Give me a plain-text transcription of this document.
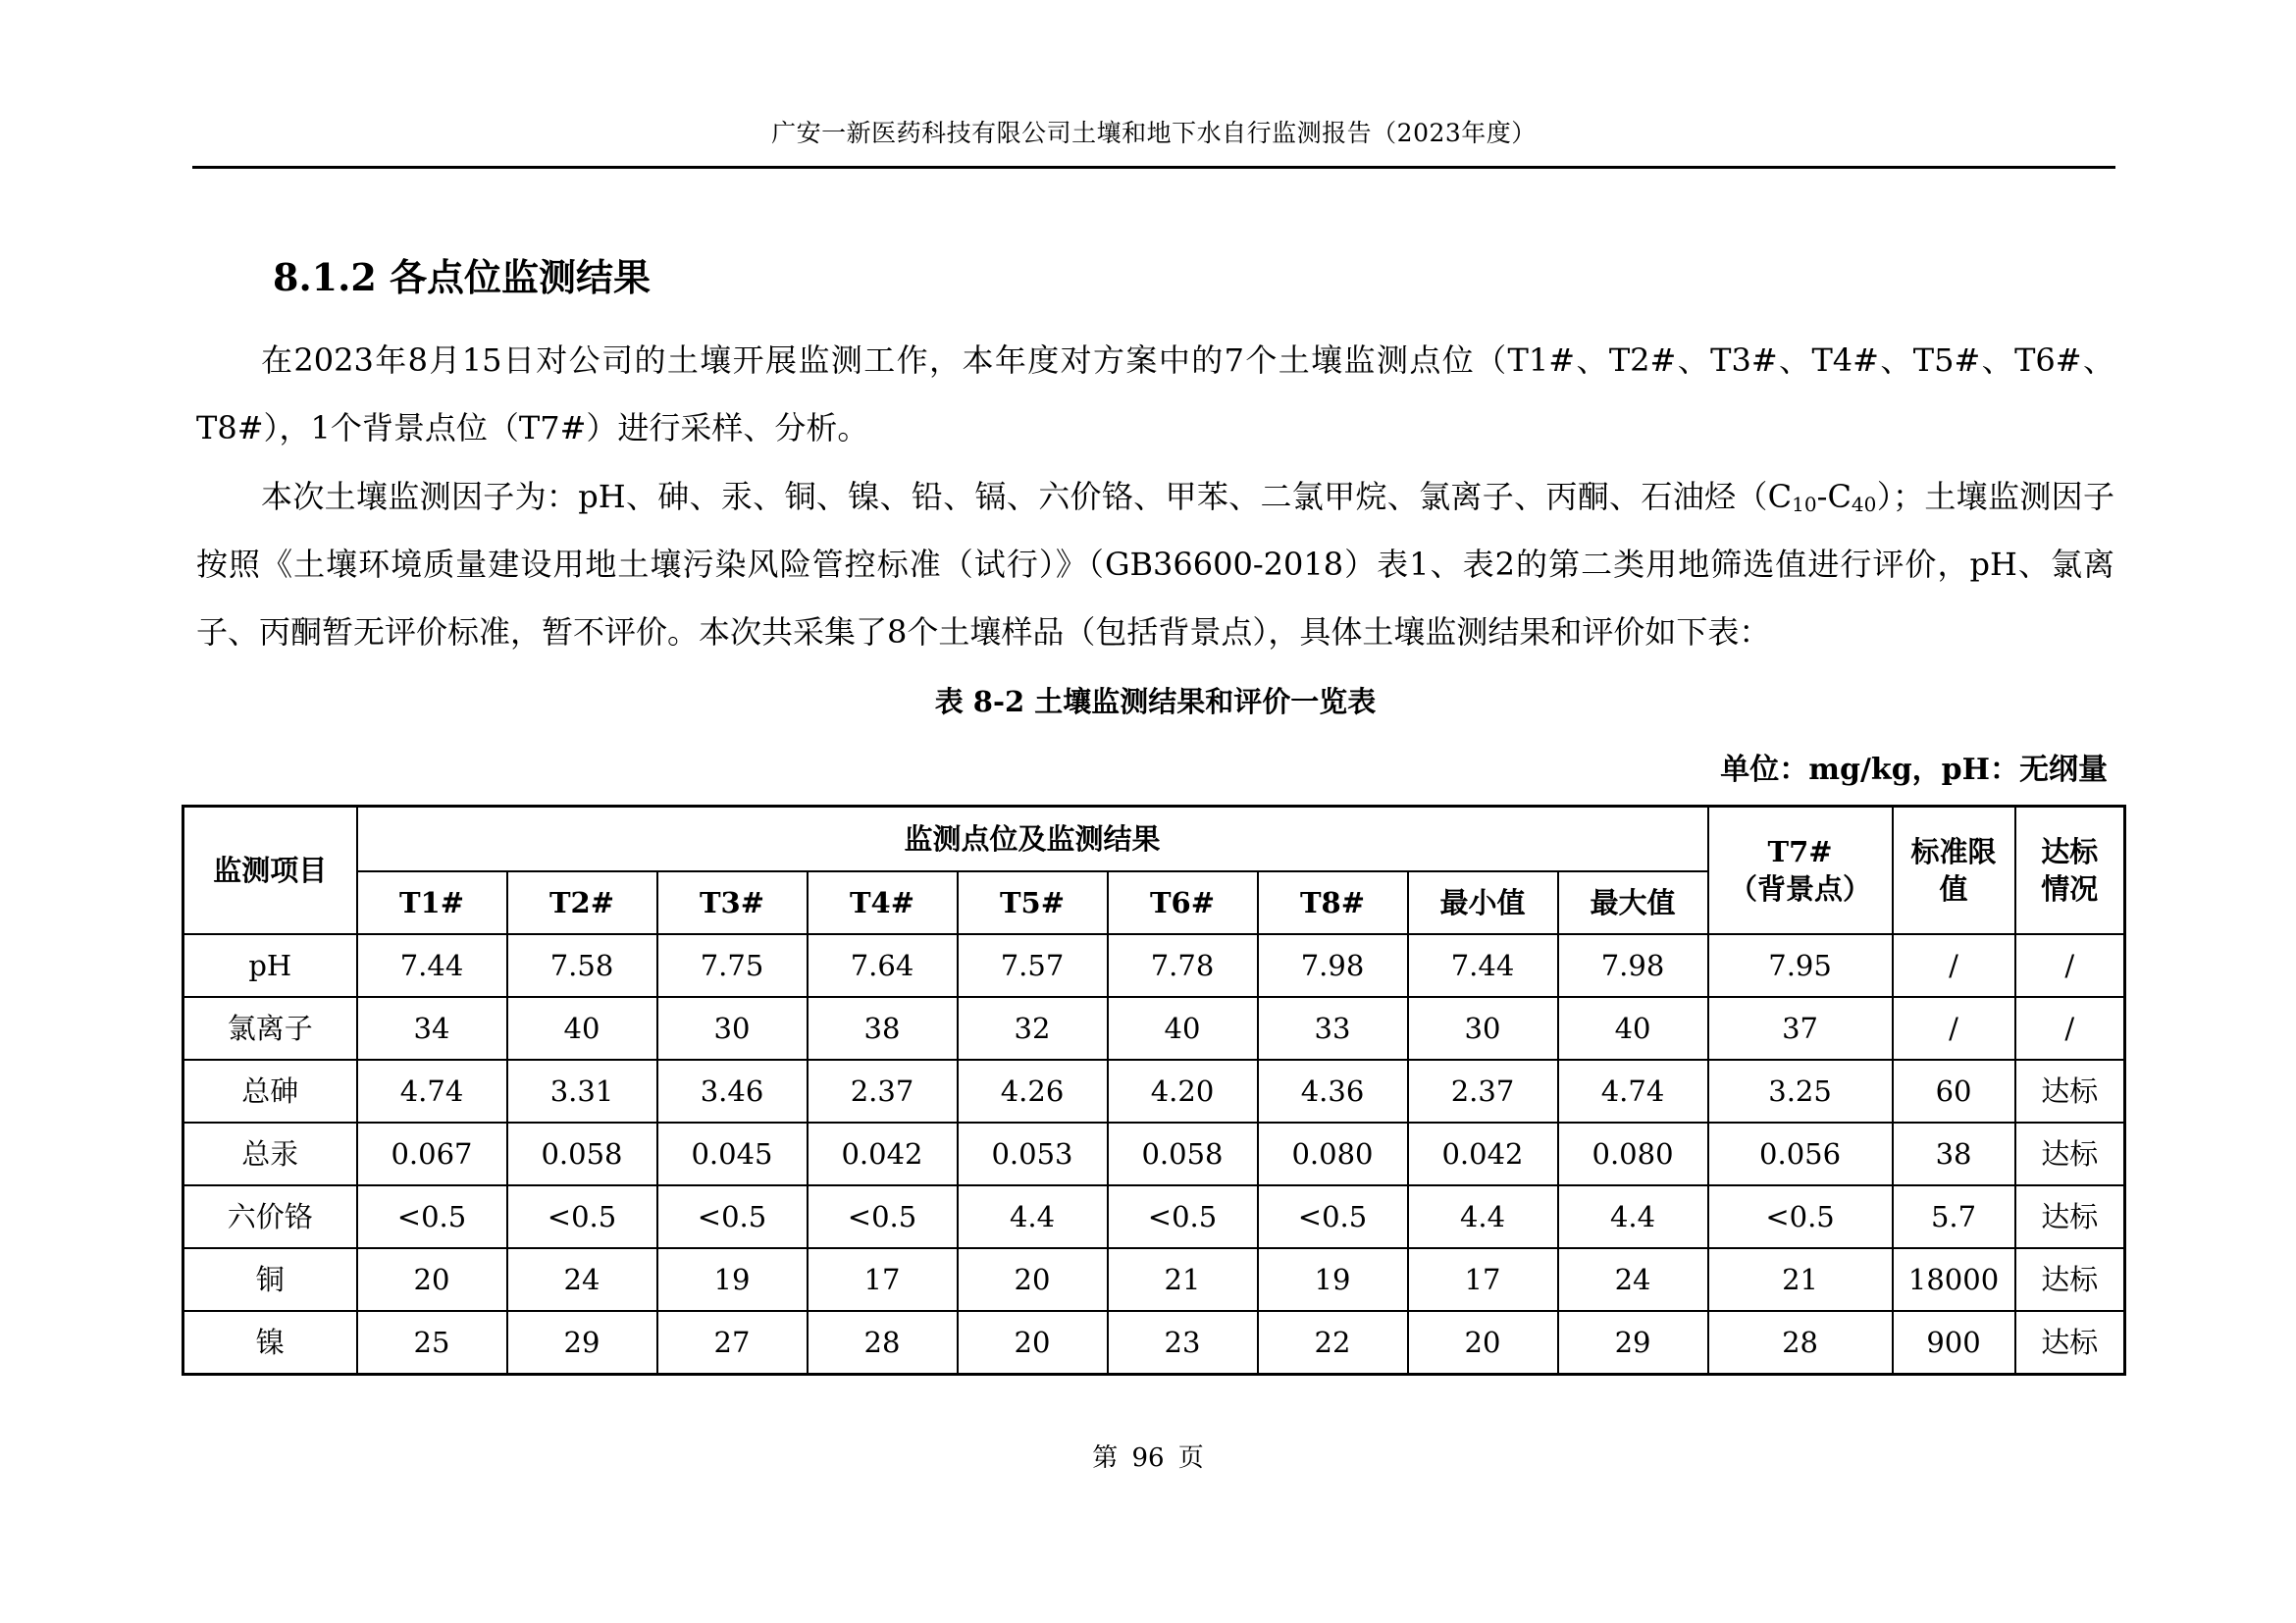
广安一新医药科技有限公司土壤和地下水自行监测报告（2023年度）
8.1.2 各点位监测结果

在2023年8月15日对公司的土壤开展监测工作，本年度对方案中的7个土壤监测点位（T1#、T2#、T3#、T4#、T5#、T6#、T8#），1个背景点位（T7#）进行采样、分析。

本次土壤监测因子为：pH、砷、汞、铜、镍、铅、镉、六价铬、甲苯、二氯甲烷、氯离子、丙酮、石油烃$(C_{10}-C_{40})$；土壤监测因子按照《土壤环境质量建设用地土壤污染风险管控标准（试行）》（GB36600-2018）表1、表2的第二类用地筛选值进行评价，pH、氯离子、丙酮暂无评价标准，暂不评价。本次共采集了8个土壤样品（包括背景点），具体土壤监测结果和评价如下表：

表 8-2 土壤监测结果和评价一览表
单位：mg/kg，pH：无纲量
监测项目	监测点位及监测结果									T7#
（背景点）	标准限值	达标情况
	T1#	T2#	T3#	T4#	T5#	T6#	T8#	最小值	最大值			
pH	7.44	7.58	7.75	7.64	7.57	7.78	7.98	7.44	7.98	7.95	/	/
氯离子	34	40	30	38	32	40	33	30	40	37	/	/
总砷	4.74	3.31	3.46	2.37	4.26	4.20	4.36	2.37	4.74	3.25	60	达标
总汞	0.067	0.058	0.045	0.042	0.053	0.058	0.080	0.042	0.080	0.056	38	达标
六价铬	<0.5	<0.5	<0.5	<0.5	4.4	<0.5	<0.5	4.4	4.4	<0.5	5.7	达标
铜	20	24	19	17	20	21	19	17	24	21	18000	达标
镍	25	29	27	28	20	23	22	20	29	28	900	达标
第 96 页
